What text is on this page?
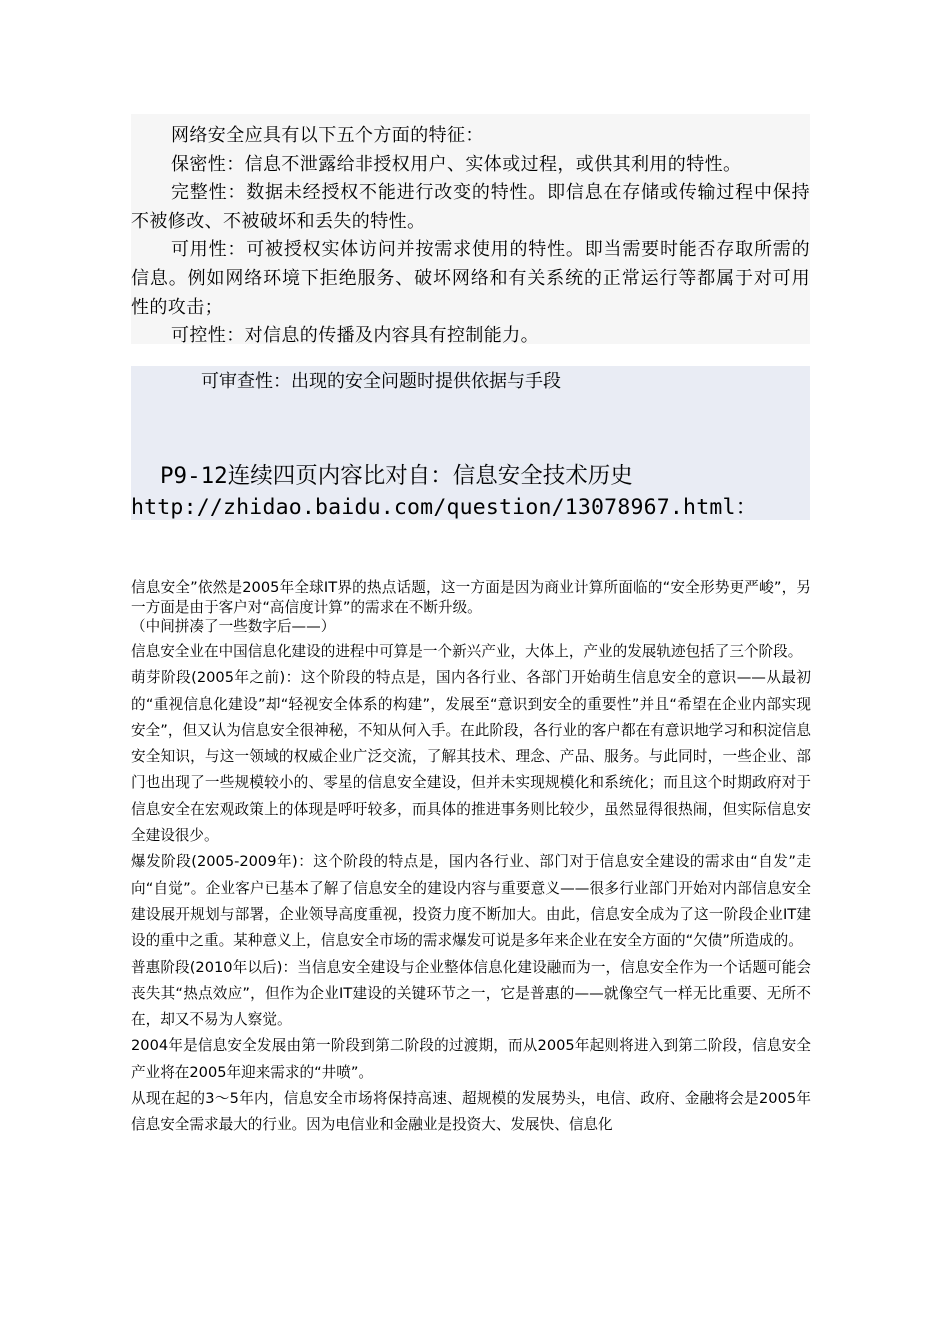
网络安全应具有以下五个方面的特征：

保密性：信息不泄露给非授权用户、实体或过程，或供其利用的特性。

完整性：数据未经授权不能进行改变的特性。即信息在存储或传输过程中保持不被修改、不被破坏和丢失的特性。

可用性：可被授权实体访问并按需求使用的特性。即当需要时能否存取所需的信息。例如网络环境下拒绝服务、破坏网络和有关系统的正常运行等都属于对可用性的攻击；

可控性：对信息的传播及内容具有控制能力。

可审查性：出现的安全问题时提供依据与手段
P9-12连续四页内容比对自：信息安全技术历史
http://zhidao.baidu.com/question/13078967.html：

信息安全”依然是2005年全球IT界的热点话题，这一方面是因为商业计算所面临的“安全形势更严峻”，另一方面是由于客户对“高信度计算”的需求在不断升级。

（中间拼凑了一些数字后——）

信息安全业在中国信息化建设的进程中可算是一个新兴产业，大体上，产业的发展轨迹包括了三个阶段。

萌芽阶段(2005年之前)：这个阶段的特点是，国内各行业、各部门开始萌生信息安全的意识——从最初的“重视信息化建设”却“轻视安全体系的构建”，发展至“意识到安全的重要性”并且“希望在企业内部实现安全”，但又认为信息安全很神秘，不知从何入手。在此阶段，各行业的客户都在有意识地学习和积淀信息安全知识，与这一领域的权威企业广泛交流，了解其技术、理念、产品、服务。与此同时，一些企业、部门也出现了一些规模较小的、零星的信息安全建设，但并未实现规模化和系统化；而且这个时期政府对于信息安全在宏观政策上的体现是呼吁较多，而具体的推进事务则比较少，虽然显得很热闹，但实际信息安全建设很少。

爆发阶段(2005-2009年)：这个阶段的特点是，国内各行业、部门对于信息安全建设的需求由“自发”走向“自觉”。企业客户已基本了解了信息安全的建设内容与重要意义——很多行业部门开始对内部信息安全建设展开规划与部署，企业领导高度重视，投资力度不断加大。由此，信息安全成为了这一阶段企业IT建设的重中之重。某种意义上，信息安全市场的需求爆发可说是多年来企业在安全方面的“欠债”所造成的。

普惠阶段(2010年以后)：当信息安全建设与企业整体信息化建设融而为一，信息安全作为一个话题可能会丧失其“热点效应”，但作为企业IT建设的关键环节之一，它是普惠的——就像空气一样无比重要、无所不在，却又不易为人察觉。

2004年是信息安全发展由第一阶段到第二阶段的过渡期，而从2005年起则将进入到第二阶段，信息安全产业将在2005年迎来需求的“井喷”。

从现在起的3～5年内，信息安全市场将保持高速、超规模的发展势头，电信、政府、金融将会是2005年信息安全需求最大的行业。因为电信业和金融业是投资大、发展快、信息化
